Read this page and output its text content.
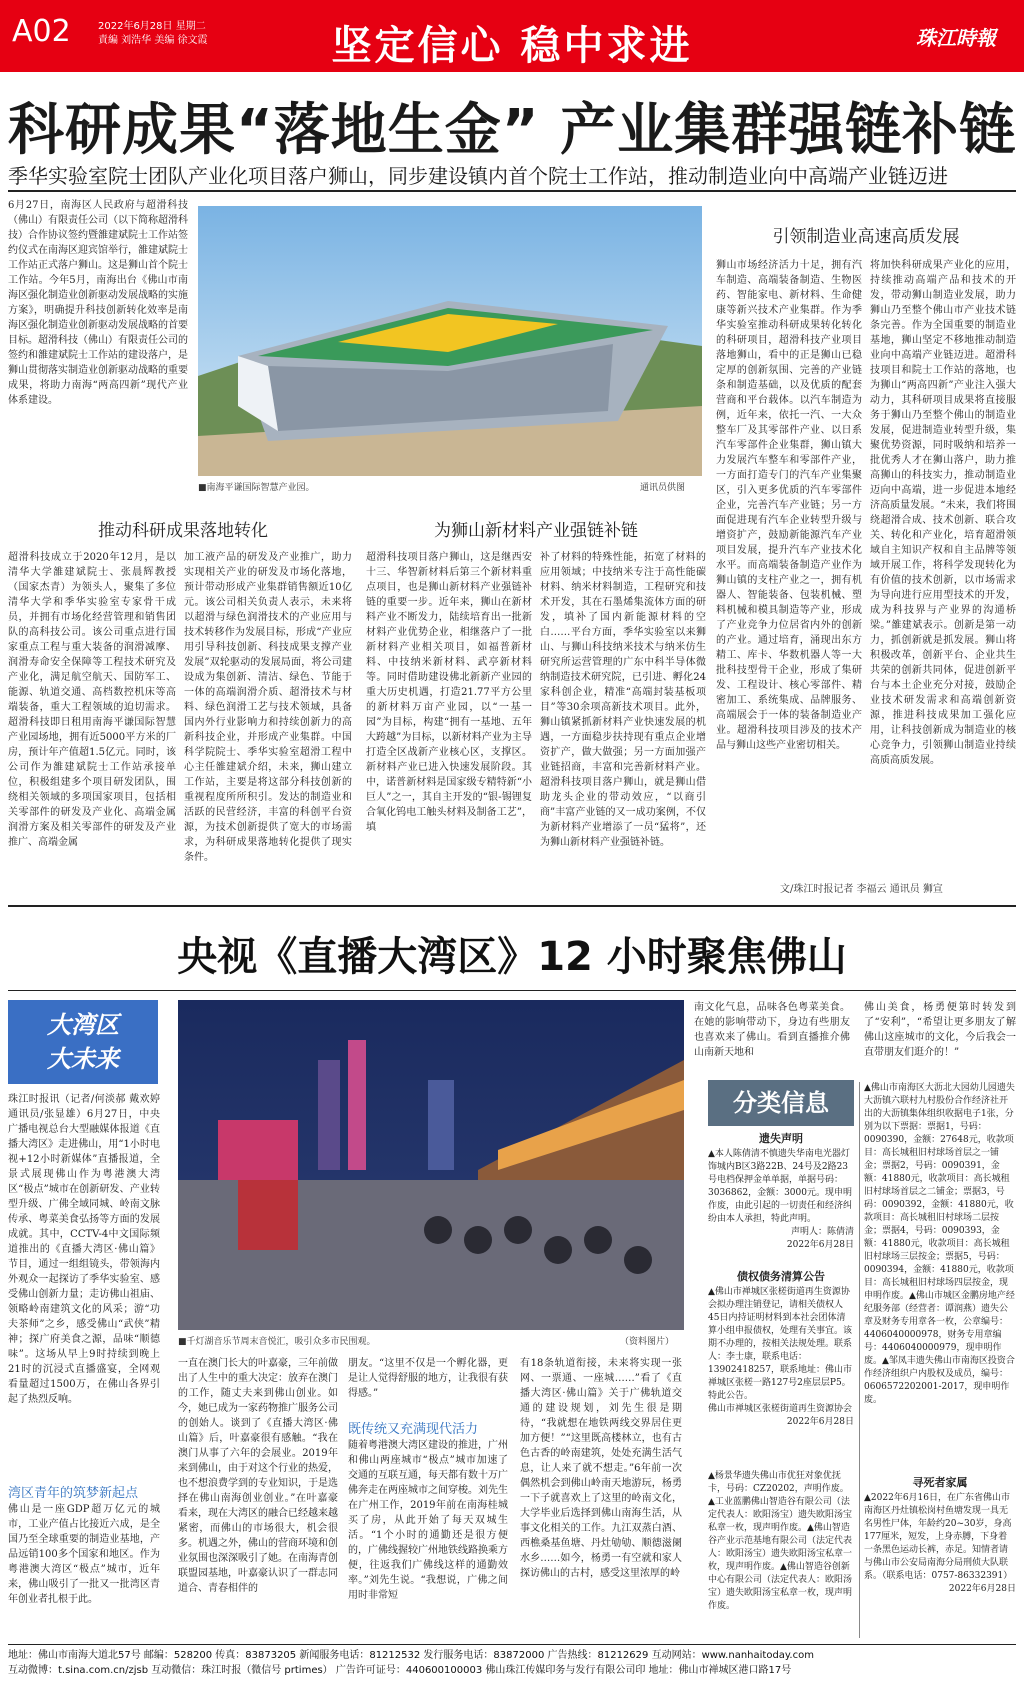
A02	2022年6月28日 星期二
責編 刘浩华 美编 徐文霞	坚定信心 稳中求进	珠江時報
科研成果“落地生金” 产业集群强链补链
季华实验室院士团队产业化项目落户狮山，同步建设镇内首个院士工作站，推动制造业向中高端产业链迈进
6月27日，南海区人民政府与超滑科技（佛山）有限责任公司（以下简称超滑科技）合作协议签约暨雒建斌院士工作站签约仪式在南海区迎宾馆举行，雒建斌院士工作站正式落户狮山。这是狮山首个院士工作站。今年5月，南海出台《佛山市南海区强化制造业创新驱动发展战略的实施方案》，明确提升科技创新转化效率是南海区强化制造业创新驱动发展战略的首要目标。超滑科技（佛山）有限责任公司的签约和雒建斌院士工作站的建设落户，是狮山贯彻落实制造业创新驱动战略的重要成果，将助力南海“两高四新”现代产业体系建设。
■南海平谦国际智慧产业园。	通讯员供图
推动科研成果落地转化
超滑科技成立于2020年12月，是以清华大学雒建斌院士、张晨辉教授（国家杰青）为领头人，聚集了多位清华大学和季华实验室专家骨干成员，并拥有市场化经营管理和销售团队的高科技公司。该公司重点进行国家重点工程与重大装备的润滑减摩、润滑寿命安全保障等工程技术研究及产业化，满足航空航天、国防军工、能源、轨道交通、高档数控机床等高端装备，重大工程领域的迫切需求。超滑科技即日租用南海平谦国际智慧产业园场地，拥有近5000平方米的厂房，预计年产值超1.5亿元。同时，该公司作为雒建斌院士工作站承接单位，积极组建多个项目研发团队，围绕相关领域的多项国家项目，包括相关零部件的研发及产业化、高端金属润滑方案及相关零部件的研发及产业推广、高端金属
加工液产品的研发及产业推广，助力实现相关产业的研发及市场化落地，预计带动形成产业集群销售额近10亿元。该公司相关负责人表示，未来将以超滑与绿色润滑技术的产业应用与技术转移作为发展目标，形成“产业应用引导科技创新、科技成果支撑产业发展”双轮驱动的发展局面，将公司建设成为集创新、清洁、绿色、节能于一体的高端润滑介质、超滑技术与材料、绿色润滑工艺与技术领域，具备国内外行业影响力和持续创新力的高新科技企业，并形成产业集群。中国科学院院士、季华实验室超滑工程中心主任雒建斌介绍，未来，狮山建立工作站，主要是将这部分科技创新的重视程度所所积引。发达的制造业和活跃的民营经济，丰富的科创平台资源，为技术创新提供了宽大的市场需求，为科研成果落地转化提供了现实条件。
为狮山新材料产业强链补链
超滑科技项目落户狮山，这是继西安十三、华智新材料后第三个新材料重点项目，也是狮山新材料产业强链补链的重要一步。近年来，狮山在新材料产业不断发力，陆续培育出一批新材料产业优势企业，相继落户了一批新材料产业相关项目，如福普新材料、中技纳米新材料、武亭新材料等。同时借助建设佛北新新产业园的重大历史机遇，打造21.77平方公里的新材料万亩产业园，以“一基一园”为目标，构建“拥有一基地、五年大跨越”为目标，以新材料产业为主导打造全区战新产业核心区，支撑区。新材料产业已进入快速发展阶段。其中，诺普新材料是国家级专精特新“小巨人”之一，其自主开发的“银-锡锂复合氧化钨电工触头材料及制备工艺”，填
补了材料的特殊性能，拓宽了材料的应用领域；中技纳米专注于高性能碳材料、纳米材料制造，工程研究和技术开发，其在石墨烯集流体方面的研发，填补了国内新能源材料的空白……平台方面，季华实验室以来狮山、与狮山科技纳米技术与纳米仿生研究所运营管理的广东中科半导体微纳制造技术研究院，已引进、孵化24家科创企业，精准“高端封装基板项目”等30余项高新技术项目。此外，狮山镇紧抓新材料产业快速发展的机遇，一方面稳步扶持现有重点企业增资扩产，做大做强；另一方面加强产业链招商，丰富和完善新材料产业。超滑科技项目落户狮山，就是狮山借助龙头企业的带动效应，“以商引商”丰富产业链的又一成功案例，不仅为新材料产业增添了一员“猛将”，还为狮山新材料产业强链补链。
引领制造业高速高质发展
狮山市场经济活力十足，拥有汽车制造、高端装备制造、生物医药、智能家电、新材料、生命健康等新兴技术产业集群。作为季华实验室推动科研成果转化转化的科研项目，超滑科技产业项目落地狮山，看中的正是狮山已稳定厚的创新氛围、完善的产业链条和制造基础，以及优质的配套营商和平台载体。以汽车制造为例，近年来，依托一汽、一大众整车厂及其零部件产业、以日系汽车零部件企业集群，狮山镇大力发展汽车整车和零部件产业，一方面打造专门的汽车产业集聚区，引入更多优质的汽车零部件企业，完善汽车产业链；另一方面促进现有汽车企业转型升级与增资扩产，鼓励新能源汽车产业项目发展，提升汽车产业技术化水平。而高端装备制造产业作为狮山镇的支柱产业之一，拥有机器人、智能装备、包装机械、塑料机械和模具制造等产业，形成了产业竞争力位居省内外的创新的产业。通过培育，涌现出东方精工、库卡、华数机器人等一大批科技型骨干企业，形成了集研发、工程设计、核心零部件、精密加工、系统集成、品牌服务、高端展会于一体的装备制造业产业。超滑科技项目涉及的技术产品与狮山这些产业密切相关。
将加快科研成果产业化的应用，持续推动高端产品和技术的开发，带动狮山制造业发展，助力狮山乃至整个佛山市产业技术链条完善。作为全国重要的制造业基地，狮山坚定不移地推动制造业向中高端产业链迈进。超滑科技项目和院士工作站的落地，也为狮山“两高四新”产业注入强大动力，其科研项目成果将直接服务于狮山乃至整个佛山的制造业发展，促进制造业转型升级，集聚优势资源，同时吸纳和培养一批优秀人才在狮山落户，助力推高狮山的科技实力，推动制造业迈向中高端，进一步促进本地经济高质量发展。“未来，我们将围绕超滑合成、技术创新、联合攻关、转化和产业化，培育超滑领域自主知识产权和自主品牌等领域开展工作，将科学发现转化为有价值的技术创新，以市场需求为导向进行应用型技术的开发，成为科技界与产业界的沟通桥梁。”雒建斌表示。创新是第一动力，抓创新就是抓发展。狮山将积极改革，创新平台、企业共生共荣的创新共同体，促进创新平台与本土企业充分对接，鼓励企业技术研发需求和高端创新资源，推进科技成果加工强化应用，让科技创新成为制造业的核心竞争力，引领狮山制造业持续高质高质发展。
文/珠江时报记者 李福云 通讯员 狮宣
央视《直播大湾区》12 小时聚焦佛山
大湾区
大未来
珠江时报讯（记者/何淡郝 戴欢婷 通讯员/张显雄）6月27日，中央广播电视总台大型融媒体报道《直播大湾区》走进佛山，用“1小时电视+12小时新媒体”直播报道，全景式展现佛山作为粤港澳大湾区“极点”城市在创新研发、产业转型升级、广佛全域同城、岭南文脉传承、粤菜美食弘扬等方面的发展成就。其中，CCTV-4中文国际频道推出的《直播大湾区·佛山篇》节目，通过一组组镜头，带领海内外观众一起探访了季华实验室、感受佛山创新力量；走访佛山祖庙、领略岭南建筑文化的风采；游“功夫茶师”之乡，感受佛山“武侠”精神；探广府美食之源，品味“顺德味”。这场从早上9时持续到晚上21时的沉浸式直播盛宴，全网观看量超过1500万，在佛山各界引起了热烈反响。
湾区青年的筑梦新起点
佛山是一座GDP超万亿元的城市，工业产值占比接近六成，是全国乃至全球重要的制造业基地，产品远销100多个国家和地区。作为粤港澳大湾区“极点”城市，近年来，佛山吸引了一批又一批湾区青年创业者扎根于此。
■千灯湖音乐节周末音悦汇，吸引众多市民围观。	（资料图片）
一直在澳门长大的叶嘉豪，三年前做出了人生中的重大决定：放弃在澳门的工作，随丈夫来到佛山创业。如今，她已成为一家药物推广服务公司的创始人。谈到了《直播大湾区·佛山篇》后，叶嘉豪很有感触。“我在澳门从事了六年的会展业。2019年来到佛山，由于对这个行业的热爱，也不想浪费学到的专业知识，于是选择在佛山南海创业创业。”在叶嘉豪看来，现在大湾区的融合已经越来越紧密，而佛山的市场很大，机会很多。机遇之外，佛山的营商环境和创业氛围也深深吸引了她。在南海青创联盟园基地，叶嘉豪认识了一群志同道合、青春相伴的
朋友。“这里不仅是一个孵化器，更是让人觉得舒服的地方，让我很有获得感。”
既传统又充满现代活力
随着粤港澳大湾区建设的推进，广州和佛山两座城市“极点”城市加速了交通的互联互通，每天都有数十万广佛奔走在两座城市之间穿梭。刘先生在广州工作，2019年前在南海桂城买了房，从此开始了每天双城生活。“1个小时的通勤还是很方便的，广佛线握较广州地铁线路换乘方便，往返我们广佛线这样的通勤效率。”刘先生说。“我想说，广佛之间用时非常短
有18条轨道衔接，未来将实现一张网、一票通、一座城……”看了《直播大湾区·佛山篇》关于广佛轨道交通的建设规划，刘先生很是期待，“我就想在地铁两线交界居住更加方便！”“这里既高楼林立，也有古色古香的岭南建筑，处处充满生活气息，让人来了就不想走。”6年前一次偶然机会到佛山岭南天地游玩，杨勇一下子就喜欢上了这里的岭南文化，大学毕业后选择到佛山南海生活，从事文化相关的工作。九江双蒸白酒、西樵桑基鱼塘、丹灶劬劬、顺德滋阑水乡……如今，杨勇一有空就和家人探访佛山的古村，感受这里浓厚的岭
南文化气息，品味各色粤菜美食。在她的影响带动下，身边有些朋友也喜欢来了佛山。看到直播推介佛山南新天地和
佛山美食，杨勇便第时转发到了“安利”，“希望让更多朋友了解佛山这座城市的文化，今后我会一直带朋友们逛介的！”
分类信息
遗失声明
▲本人陈倩清不慎遗失华南电光器灯饰城内B区3路22B、24号及2路23号电档保押金单单据，单据号码：3036862，金额：3000元。现申明作废，由此引起的一切责任和经济纠纷由本人承担，特此声明。
声明人：陈倩清
2022年6月28日
债权债务清算公告
▲佛山市禅城区张槎街道再生资源协会拟办理注销登记，请相关债权人45日内持证明材料到本社会团体清算小组申报债权，处理有关事宜。该期不办理的，按相关法规处理。联系人：李士康，联系电话：13902418257，联系地址：佛山市禅城区张槎一路127号2座层层P5。特此公告。
佛山市禅城区张槎街道再生资源协会
2022年6月28日
▲杨景华遗失佛山市优狂对象优抚卡，号码：CZ20202，声明作废。▲工业蓝鹏佛山智造谷有限公司（法定代表人：欧阳汤宝）遗失欧阳汤宝私章一枚，现声明作废。▲佛山智造谷产业示范基地有限公司（法定代表人：欧阳汤宝）遗失欧阳汤宝私章一枚，现声明作废。▲佛山智造谷创新中心有限公司（法定代表人：欧阳汤宝）遗失欧阳汤宝私章一枚，现声明作废。
▲佛山市南海区大沥北大园幼儿园遗失大沥镇六联村九村股份合作经济社开出的大沥镇集体组织收据电子1张，分别为以下票据：票据1，号码：0090390，金额：27648元，收款项目：高长城租旧村球场首层之一铺金；票据2，号码：0090391，金额：41880元，收款项目：高长城租旧村球场首层之二铺金；票据3，号码：0090392，金额：41880元，收款项目：高长城租旧村球场二层按金；票据4，号码：0090393，金额：41880元，收款项目：高长城租旧村球场三层按金；票据5，号码：0090394，金额：41880元，收款项目：高长城租旧村球场四层按金，现申明作废。▲佛山市城区金鹏房地产经纪服务部（经营者：谭润燕）遗失公章及财务专用章各一枚，公章编号：4406040000978，财务专用章编号：4406040000979，现申明作废。▲邹凤丰遗失佛山市南海区投资合作经济组织户内股权及成员，编号：0606572202001-2017，现申明作废。
寻死者家属
▲2022年6月16日，在广东省佛山市南海区丹灶镇松岗村鱼塘发现一具无名男性尸体，年龄约20~30岁，身高177厘米，短发，上身赤膊，下身着一条黑色运动长裤，赤足。知情者请与佛山市公安局南海分局刑侦大队联系。（联系电话：0757-86332391）
2022年6月28日
地址：佛山市南海大道北57号 邮编：528200 传真：83873205 新闻服务电话：81212532 发行服务电话：83872000 广告热线：81212629 互动网站：www.nanhaitoday.com
互动微博：t.sina.com.cn/zjsb 互动微信：珠江时报（微信号 prtimes） 广告许可证号：440600100003 佛山珠江传媒印务与发行有限公司印 地址：佛山市禅城区港口路17号
